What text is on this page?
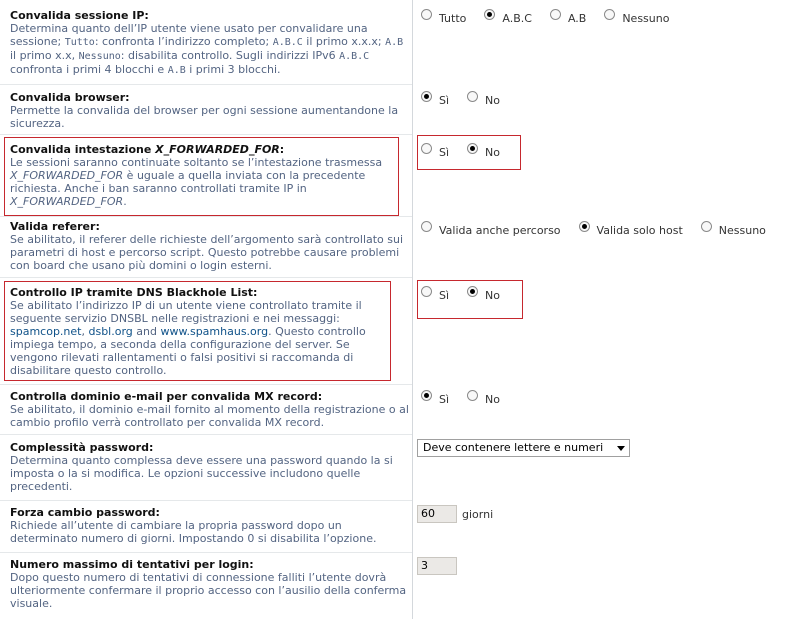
Convalida sessione IP:
Determina quanto dell’IP utente viene usato per convalidare una sessione; Tutto: confronta l’indirizzo completo; A.B.C il primo x.x.x; A.B il primo x.x, Nessuno: disabilita controllo. Sugli indirizzi IPv6 A.B.C confronta i primi 4 blocchi e A.B i primi 3 blocchi.
Tutto	A.B.C	A.B	Nessuno
Convalida browser:
Permette la convalida del browser per ogni sessione aumentandone la sicurezza.
Sì	No
Convalida intestazione X_FORWARDED_FOR:
Le sessioni saranno continuate soltanto se l’intestazione trasmessa
X_FORWARDED_FOR è uguale a quella inviata con la precedente richiesta. Anche i ban saranno controllati tramite IP in X_FORWARDED_FOR.
Sì	No
Valida referer:
Se abilitato, il referer delle richieste dell’argomento sarà controllato sui parametri di host e percorso script. Questo potrebbe causare problemi con board che usano più domini o login esterni.
Valida anche percorso	Valida solo host	Nessuno
Controllo IP tramite DNS Blackhole List:
Se abilitato l’indirizzo IP di un utente viene controllato tramite il seguente servizio DNSBL nelle registrazioni e nei messaggi: spamcop.net, dsbl.org and www.spamhaus.org. Questo controllo impiega tempo, a seconda della configurazione del server. Se vengono rilevati rallentamenti o falsi positivi si raccomanda di disabilitare questo controllo.
Sì	No
Controlla dominio e-mail per convalida MX record:
Se abilitato, il dominio e-mail fornito al momento della registrazione o al cambio profilo verrà controllato per convalida MX record.
Sì	No
Complessità password:
Determina quanto complessa deve essere una password quando la si imposta o la si modifica. Le opzioni successive includono quelle precedenti.
Deve contenere lettere e numeri
Forza cambio password:
Richiede all’utente di cambiare la propria password dopo un determinato numero di giorni. Impostando 0 si disabilita l’opzione.
60	giorni
Numero massimo di tentativi per login:
Dopo questo numero di tentativi di connessione falliti l’utente dovrà ulteriormente confermare il proprio accesso con l’ausilio della conferma visuale.
3
